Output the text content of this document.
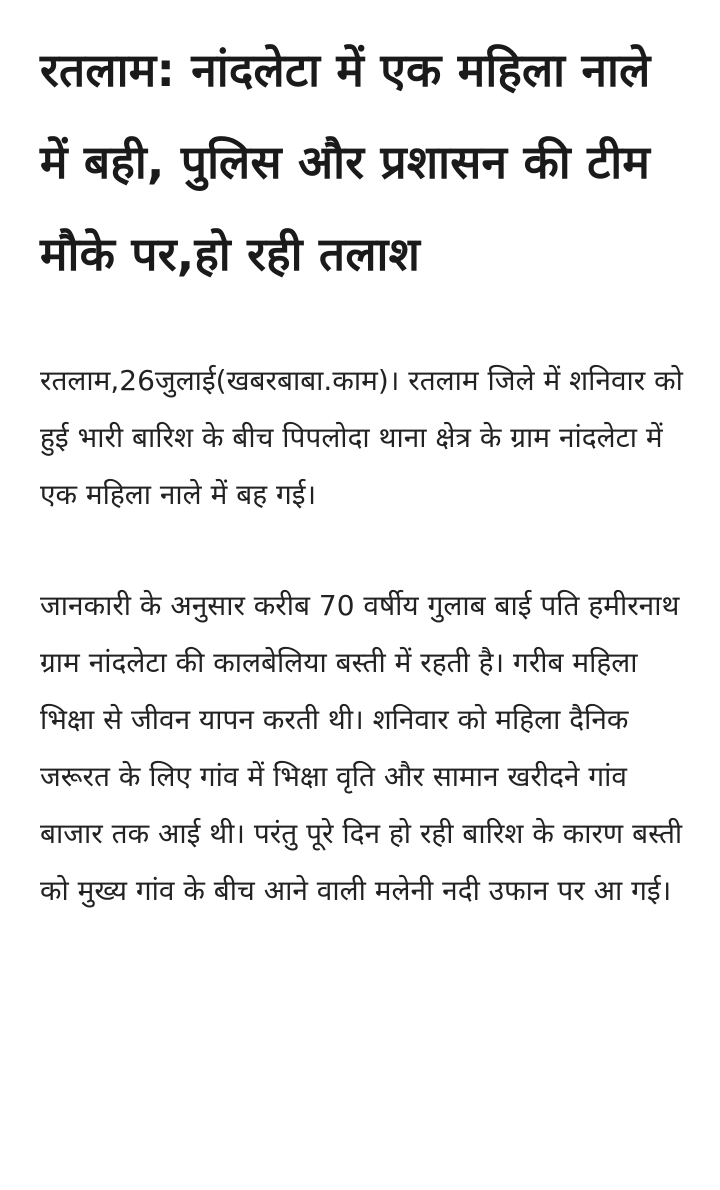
रतलाम: नांदलेटा में एक महिला नाले में बही, पुलिस और प्रशासन की टीम मौके पर,हो रही तलाश

रतलाम,26जुलाई(खबरबाबा.काम)। रतलाम जिले में शनिवार को हुई भारी बारिश के बीच पिपलोदा थाना क्षेत्र के ग्राम नांदलेटा में एक महिला नाले में बह गई।

जानकारी के अनुसार करीब 70 वर्षीय गुलाब बाई पति हमीरनाथ ग्राम नांदलेटा की कालबेलिया बस्ती में रहती है। गरीब महिला भिक्षा से जीवन यापन करती थी। शनिवार को महिला दैनिक जरूरत के लिए गांव में भिक्षा वृति और सामान खरीदने गांव बाजार तक आई थी। परंतु पूरे दिन हो रही बारिश के कारण बस्ती को मुख्य गांव के बीच आने वाली मलेनी नदी उफान पर आ गई।
